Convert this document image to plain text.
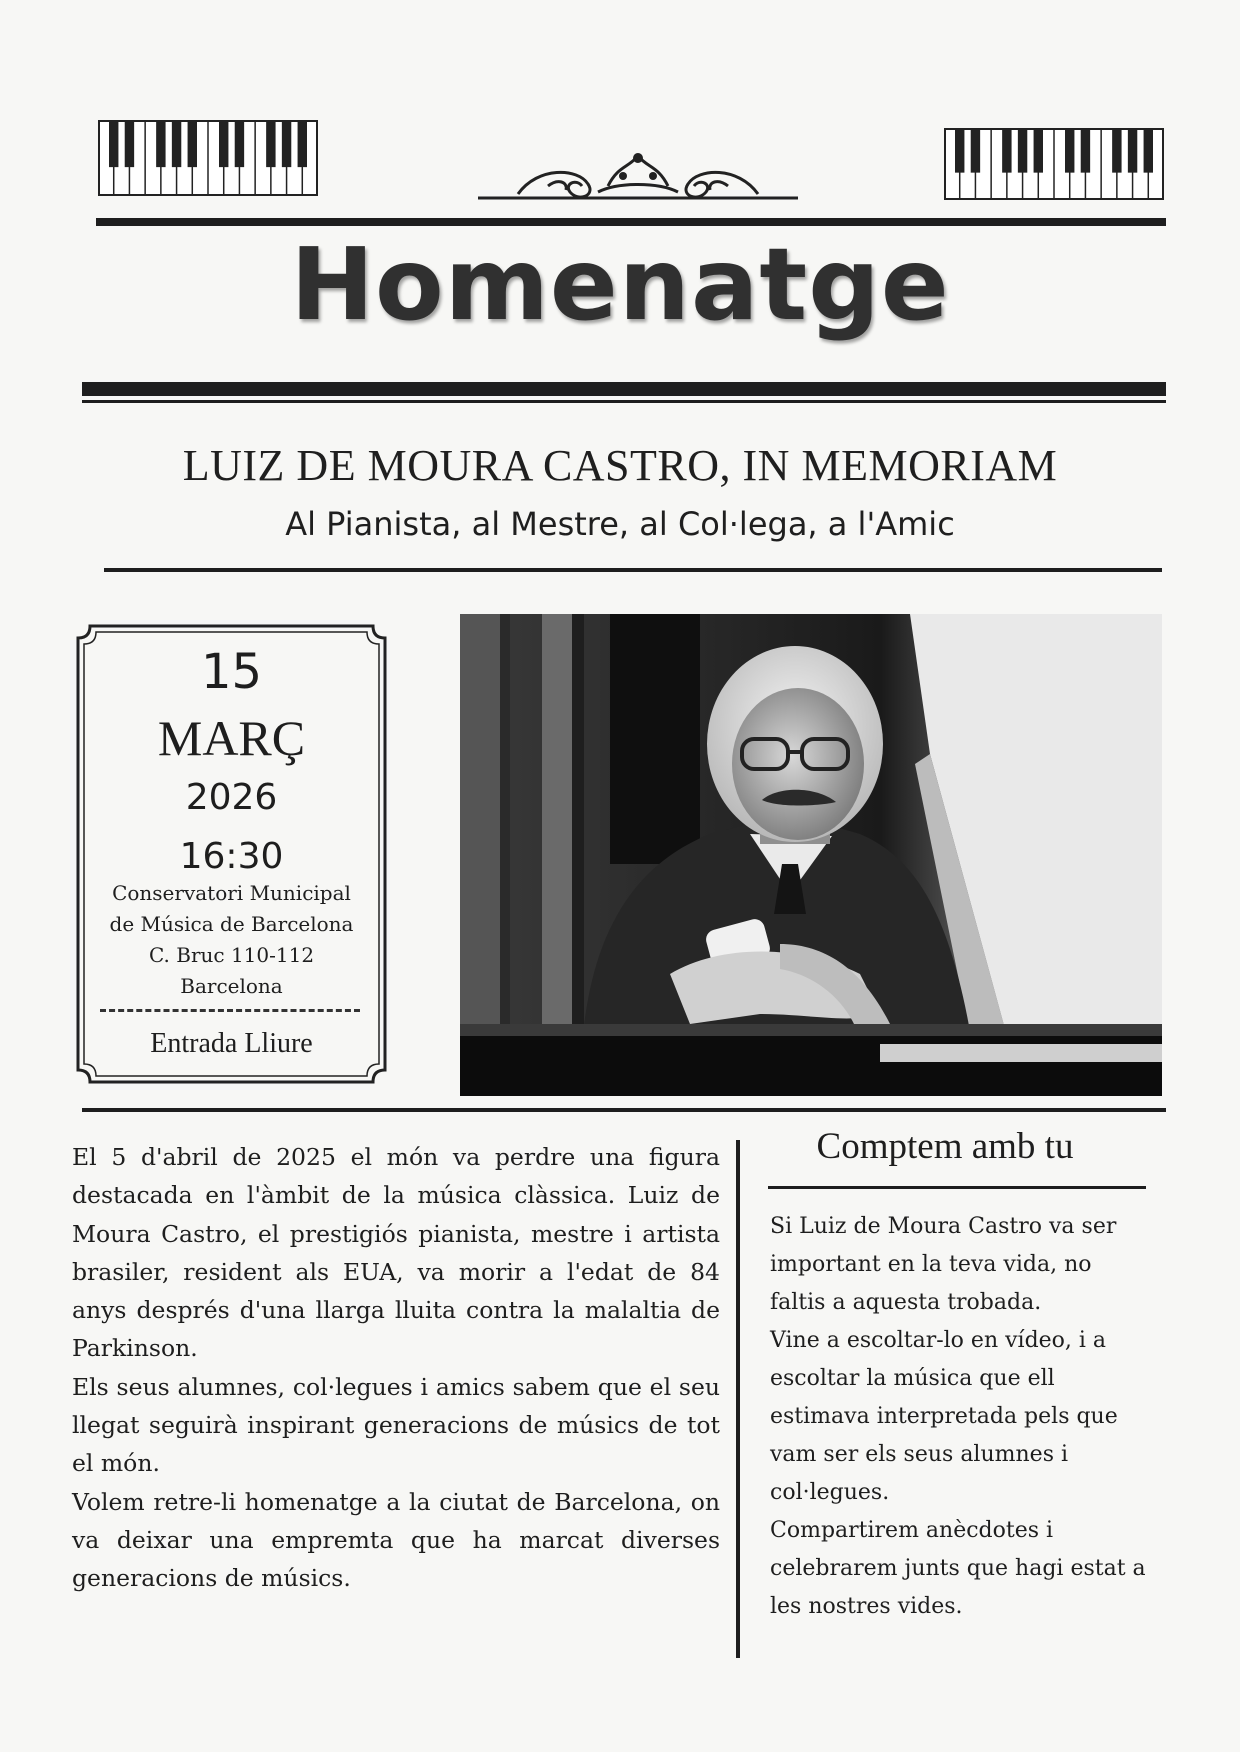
Homenatge
LUIZ DE MOURA CASTRO, IN MEMORIAM
Al Pianista, al Mestre, al Col·lega, a l'Amic
15
MARÇ
2026
16:30
Conservatori Municipal
de Música de Barcelona
C. Bruc 110-112
Barcelona
Entrada Lliure

El 5 d'abril de 2025 el món va perdre una figura destacada en l'àmbit de la música clàssica. Luiz de Moura Castro, el prestigiós pianista, mestre i artista brasiler, resident als EUA, va morir a l'edat de 84 anys després d'una llarga lluita contra la malaltia de Parkinson.

Els seus alumnes, col·legues i amics sabem que el seu llegat seguirà inspirant generacions de músics de tot el món.

Volem retre-li homenatge a la ciutat de Barcelona, on va deixar una empremta que ha marcat diverses generacions de músics.

Comptem amb tu

Si Luiz de Moura Castro va ser important en la teva vida, no faltis a aquesta trobada.

Vine a escoltar-lo en vídeo, i a escoltar la música que ell estimava interpretada pels que vam ser els seus alumnes i col·legues.

Compartirem anècdotes i celebrarem junts que hagi estat a les nostres vides.
